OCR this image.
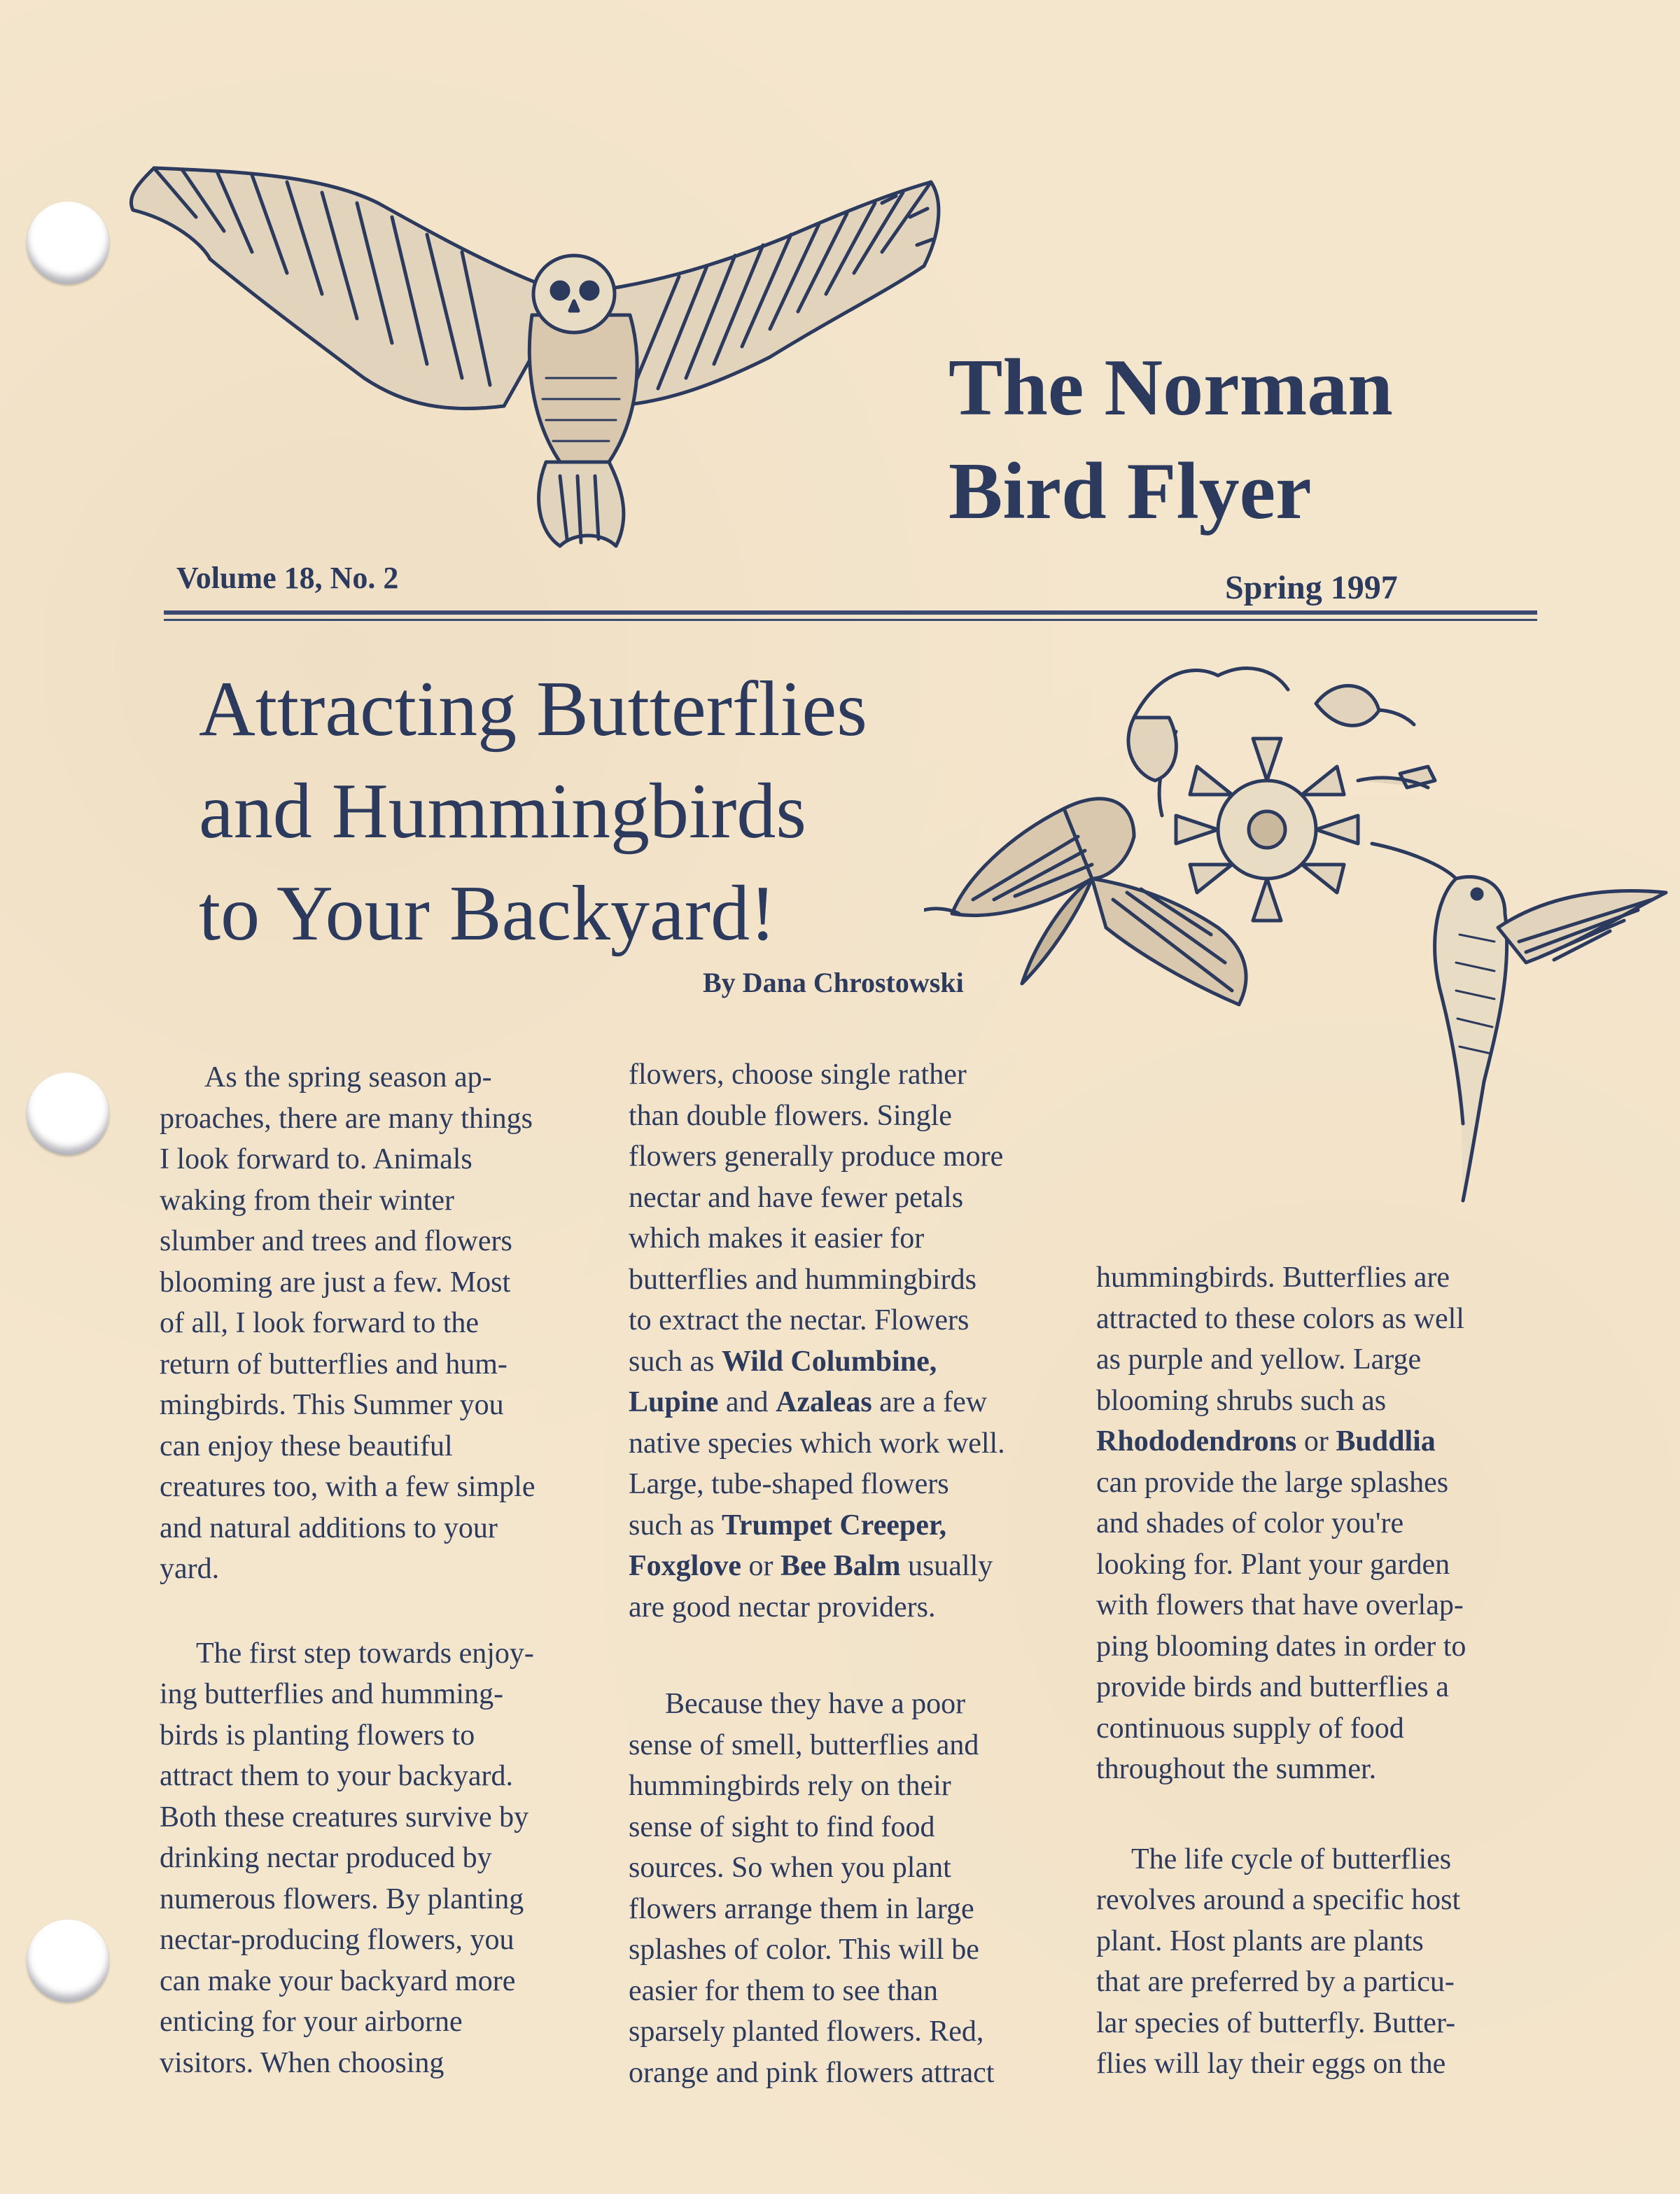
The Norman
Bird Flyer
Volume 18, No. 2	Spring 1997
Attracting Butterflies
and Hummingbirds
to Your Backyard!
By Dana Chrostowski

As the spring season ap-

proaches, there are many things

I look forward to. Animals

waking from their winter

slumber and trees and flowers

blooming are just a few. Most

of all, I look forward to the

return of butterflies and hum-

mingbirds. This Summer you

can enjoy these beautiful

creatures too, with a few simple

and natural additions to your

yard.

The first step towards enjoy-

ing butterflies and humming-

birds is planting flowers to

attract them to your backyard.

Both these creatures survive by

drinking nectar produced by

numerous flowers. By planting

nectar-producing flowers, you

can make your backyard more

enticing for your airborne

visitors. When choosing

flowers, choose single rather

than double flowers. Single

flowers generally produce more

nectar and have fewer petals

which makes it easier for

butterflies and hummingbirds

to extract the nectar. Flowers

such as Wild Columbine,

Lupine and Azaleas are a few

native species which work well.

Large, tube-shaped flowers

such as Trumpet Creeper,

Foxglove or Bee Balm usually

are good nectar providers.

Because they have a poor

sense of smell, butterflies and

hummingbirds rely on their

sense of sight to find food

sources. So when you plant

flowers arrange them in large

splashes of color. This will be

easier for them to see than

sparsely planted flowers. Red,

orange and pink flowers attract

hummingbirds. Butterflies are

attracted to these colors as well

as purple and yellow. Large

blooming shrubs such as

Rhododendrons or Buddlia

can provide the large splashes

and shades of color you're

looking for. Plant your garden

with flowers that have overlap-

ping blooming dates in order to

provide birds and butterflies a

continuous supply of food

throughout the summer.

The life cycle of butterflies

revolves around a specific host

plant. Host plants are plants

that are preferred by a particu-

lar species of butterfly. Butter-

flies will lay their eggs on the
